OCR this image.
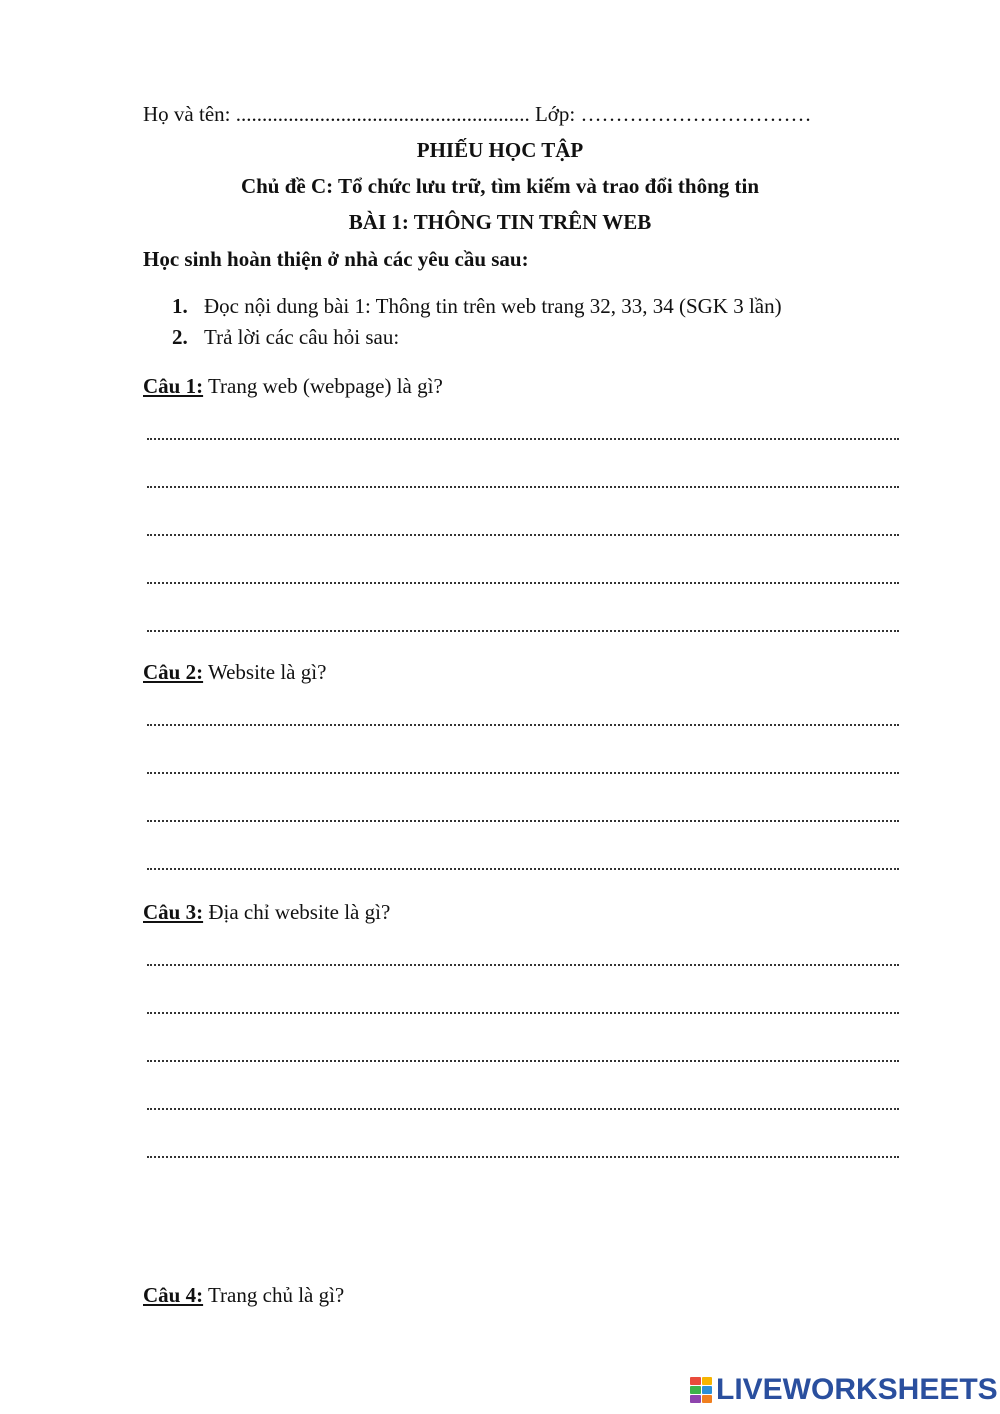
Họ và tên: ........................................................ Lớp: ……………………………
PHIẾU HỌC TẬP
Chủ đề C: Tổ chức lưu trữ, tìm kiếm và trao đổi thông tin
BÀI 1: THÔNG TIN TRÊN WEB
Học sinh hoàn thiện ở nhà các yêu cầu sau:
1. Đọc nội dung bài 1: Thông tin trên web trang 32, 33, 34 (SGK 3 lần)
2. Trả lời các câu hỏi sau:
Câu 1: Trang web (webpage) là gì?
Câu 2: Website là gì?
Câu 3: Địa chỉ website là gì?
Câu 4: Trang chủ là gì?
LIVEWORKSHEETS
